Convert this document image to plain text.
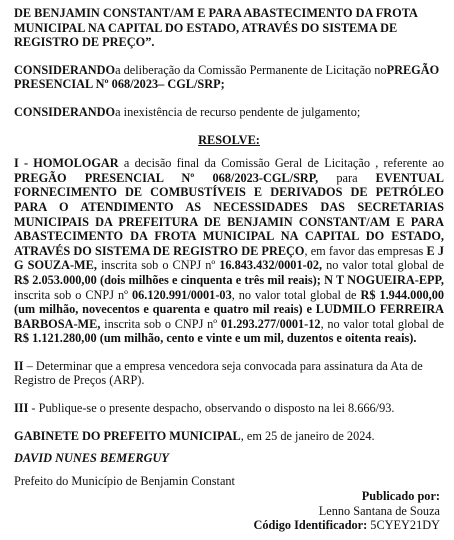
DE BENJAMIN CONSTANT/AM E PARA ABASTECIMENTO DA FROTA
MUNICIPAL NA CAPITAL DO ESTADO, ATRAVÉS DO SISTEMA DE
REGISTRO DE PREÇO”.

CONSIDERANDOa deliberação da Comissão Permanente de Licitação noPREGÃO PRESENCIAL Nº 068/2023– CGL/SRP;

CONSIDERANDOa inexistência de recurso pendente de julgamento;

RESOLVE:

I - HOMOLOGAR a decisão final da Comissão Geral de Licitação , referente ao PREGÃO PRESENCIAL Nº 068/2023-CGL/SRP, para EVENTUAL FORNECIMENTO DE COMBUSTÍVEIS E DERIVADOS DE PETRÓLEO PARA O ATENDIMENTO AS NECESSIDADES DAS SECRETARIAS MUNICIPAIS DA PREFEITURA DE BENJAMIN CONSTANT/AM E PARA ABASTECIMENTO DA FROTA MUNICIPAL NA CAPITAL DO ESTADO, ATRAVÉS DO SISTEMA DE REGISTRO DE PREÇO, em favor das empresas E J G SOUZA-ME, inscrita sob o CNPJ nº 16.843.432/0001-02, no valor total global de R$ 2.053.000,00 (dois milhões e cinquenta e três mil reais); N T NOGUEIRA-EPP, inscrita sob o CNPJ nº 06.120.991/0001-03, no valor total global de R$ 1.944.000,00 (um milhão, novecentos e quarenta e quatro mil reais) e LUDMILO FERREIRA BARBOSA-ME, inscrita sob o CNPJ nº 01.293.277/0001-12, no valor total global de R$ 1.121.280,00 (um milhão, cento e vinte e um mil, duzentos e oitenta reais).

II – Determinar que a empresa vencedora seja convocada para assinatura da Ata de Registro de Preços (ARP).

III - Publique-se o presente despacho, observando o disposto na lei 8.666/93.

GABINETE DO PREFEITO MUNICIPAL, em 25 de janeiro de 2024.

DAVID NUNES BEMERGUY

Prefeito do Município de Benjamin Constant

Publicado por:
Lenno Santana de Souza
Código Identificador: 5CYEY21DY
